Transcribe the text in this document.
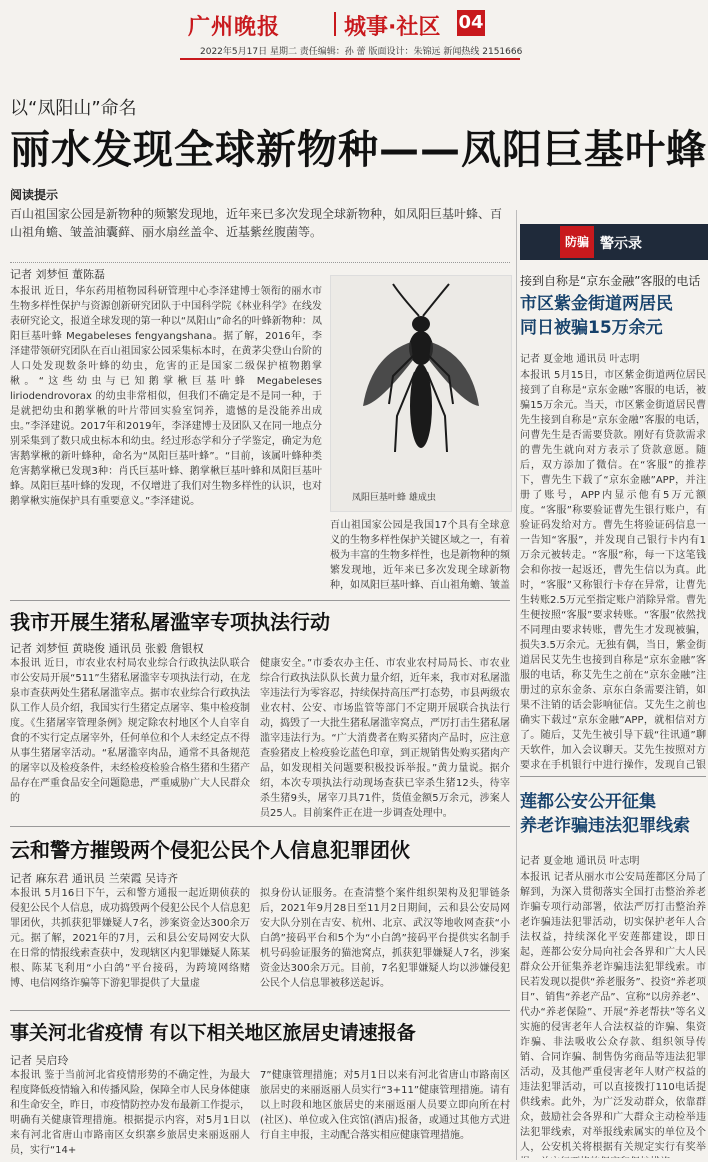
广州晚报	城事·社区 04
2022年5月17日 星期二 责任编辑：孙 蕾 版面设计：朱锦远 新闻热线 2151666
以“凤阳山”命名
丽水发现全球新物种——凤阳巨基叶蜂
阅读提示
百山祖国家公园是新物种的频繁发现地，近年来已多次发现全球新物种，如凤阳巨基叶蜂、百山祖角蟾、皱盖油囊藓、丽水扇丝盖伞、近基紫丝腹菌等。
记者 刘梦恒 董陈磊
本报讯 近日，华东药用植物园科研管理中心李泽建博士领衔的丽水市生物多样性保护与资源创新研究团队于中国科学院《林业科学》在线发表研究论文，报道全球发现的第一种以“凤阳山”命名的叶蜂新物种：凤阳巨基叶蜂 Megabeleses fengyangshana。据了解，2016年，李泽建带领研究团队在百山祖国家公园采集标本时，在黄茅尖登山台阶的人口处发现数条叶蜂的幼虫，危害的正是国家二级保护植物鹅掌楸。“这些幼虫与已知鹅掌楸巨基叶蜂 Megabeleses liriodendrovorax 的幼虫非常相似，但我们不确定是不是同一种，于是就把幼虫和鹅掌楸的叶片带回实验室饲养，遗憾的是没能养出成虫。”李泽建说。2017年和2019年，李泽建博士及团队又在同一地点分别采集到了数只成虫标本和幼虫。经过形态学和分子学鉴定，确定为危害鹅掌楸的新叶蜂种，命名为“凤阳巨基叶蜂”。“目前，该属叶蜂种类危害鹅掌楸已发现3种：肖氏巨基叶蜂、鹅掌楸巨基叶蜂和凤阳巨基叶蜂。凤阳巨基叶蜂的发现，不仅增进了我们对生物多样性的认识，也对鹅掌楸实施保护具有重要意义。”李泽建说。	凤阳巨基叶蜂 雄成虫
百山祖国家公园是我国17个具有全球意义的生物多样性保护关键区域之一，有着极为丰富的生物多样性，也是新物种的频繁发现地，近年来已多次发现全球新物种，如凤阳巨基叶蜂、百山祖角蟾、皱盖
我市开展生猪私屠滥宰专项执法行动
记者 刘梦恒 黄晓俊 通讯员 张毅 詹银权
本报讯 近日，市农业农村局农业综合行政执法队联合市公安局开展“511”生猪私屠滥宰专项执法行动，在龙泉市查获两处生猪私屠滥宰点。据市农业综合行政执法队工作人员介绍，我国实行生猪定点屠宰、集中检疫制度。《生猪屠宰管理条例》规定除农村地区个人自宰自食的不实行定点屠宰外，任何单位和个人未经定点不得从事生猪屠宰活动。“私屠滥宰肉品，通常不具备规范的屠宰以及检疫条件，未经检疫检验合格生猪和生猪产品存在严重食品安全问题隐患，严重威胁广大人民群众的
健康安全。”市委农办主任、市农业农村局局长、市农业综合行政执法队队长黄力量介绍，近年来，我市对私屠滥宰违法行为零容忍，持续保持高压严打态势，市县两级农业农村、公安、市场监管等部门不定期开展联合执法行动，捣毁了一大批生猪私屠滥宰窝点，严厉打击生猪私屠滥宰违法行为。“广大消费者在购买猪肉产品时，应注意查验猪皮上检疫验讫蓝色印章，到正规销售处购买猪肉产品，如发现相关问题要积极投诉举报。”黄力量说。据介绍，本次专项执法行动现场查获已宰杀生猪12头，待宰杀生猪9头，屠宰刀具71件，货值金额5万余元，涉案人员25人。目前案件正在进一步调查处理中。
云和警方摧毁两个侵犯公民个人信息犯罪团伙
记者 麻东君 通讯员 兰荣霞 吴诗齐
本报讯 5月16日下午，云和警方通报一起近期侦获的侵犯公民个人信息，成功捣毁两个侵犯公民个人信息犯罪团伙，共抓获犯罪嫌疑人7名，涉案资金达300余万元。据了解，2021年的7月，云和县公安局网安大队在日常的情报线索查获中，发现辖区内犯罪嫌疑人陈某根、陈某飞利用“小白鸽”平台接码，为跨境网络赌博、电信网络诈骗等下游犯罪提供了大量虚
拟身份认证服务。在查清整个案件组织架构及犯罪链条后，2021年9月28日至11月2日期间，云和县公安局网安大队分别在吉安、杭州、北京、武汉等地收网查获“小白鸽”接码平台和5个为“小白鸽”接码平台提供实名制手机号码验证服务的猫池窝点，抓获犯罪嫌疑人7名，涉案资金达300余万元。目前，7名犯罪嫌疑人均以涉嫌侵犯公民个人信息罪被移送起诉。
事关河北省疫情 有以下相关地区旅居史请速报备
记者 吴启玲
本报讯 鉴于当前河北省疫情形势的不确定性，为最大程度降低疫情输入和传播风险，保障全市人民身体健康和生命安全，昨日，市疫情防控办发布最新工作提示，明确有关健康管理措施。根据提示内容，对5月1日以来有河北省唐山市路南区女织寨乡旅居史来丽返丽人员，实行“14+
7”健康管理措施；对5月1日以来有河北省唐山市路南区旅居史的来丽返丽人员实行“3+11”健康管理措施。请有以上时段和地区旅居史的来丽返丽人员要立即向所在村(社区)、单位或入住宾馆(酒店)报备，或通过其他方式进行自主申报，主动配合落实相应健康管理措施。
防骗 警示录
接到自称是“京东金融”客服的电话
市区紫金街道两居民
同日被骗15万余元
记者 夏金地 通讯员 叶志明
本报讯 5月15日，市区紫金街道两位居民接到了自称是“京东金融”客服的电话，被骗15万余元。当天，市区紫金街道居民曹先生接到自称是“京东金融”客服的电话，问曹先生是否需要贷款。刚好有贷款需求的曹先生就向对方表示了贷款意愿。随后，双方添加了微信。在“客服”的推荐下，曹先生下载了“京东金融”APP，并注册了账号，APP内显示他有5万元额度。“客服”称要验证曹先生银行账户，有验证码发给对方。曹先生将验证码信息一一告知“客服”，并发现自己银行卡内有1万余元被转走。“客服”称，每一下这笔钱会和你按一起返还，曹先生信以为真。此时，“客服”又称银行卡存在异常，让曹先生转账2.5万元至指定账户消除异常。曹先生便按照“客服”要求转账。“客服”依然找不同理由要求转账，曹先生才发现被骗，损失3.5万余元。无独有偶，当日，紫金街道居民艾先生也接到自称是“京东金融”客服的电话，称艾先生之前在“京东金融”注册过的京东金条、京东白条需要注销，如果不注销的话会影响征信。艾先生之前也确实下载过“京东金融”APP，就相信对方了。随后，艾先生被引导下载“往讯通”聊天软件，加入会议聊天。艾先生按照对方要求在手机银行中进行操作，发现自己银
莲都公安公开征集
养老诈骗违法犯罪线索
记者 夏金地 通讯员 叶志明
本报讯 记者从丽水市公安局莲都区分局了解到，为深入贯彻落实全国打击整治养老诈骗专项行动部署，依法严厉打击整治养老诈骗违法犯罪活动，切实保护老年人合法权益，持续深化平安莲都建设，即日起，莲都公安分局向社会各界和广大人民群众公开征集养老诈骗违法犯罪线索。市民若发现以提供“养老服务”、投资“养老项目”、销售“养老产品”、宣称“以房养老”、代办“养老保险”、开展“养老帮扶”等名义实施的侵害老年人合法权益的诈骗、集资诈骗、非法吸收公众存款、组织领导传销、合同诈骗、制售伪劣商品等违法犯罪活动，及其他严重侵害老年人财产权益的违法犯罪活动，可以直接拨打110电话提供线索。此外，为广泛发动群众，依靠群众，鼓励社会各界和广大群众主动检举违法犯罪线索，对举报线索属实的单位及个人，公安机关将根据有关规定实行有奖举
